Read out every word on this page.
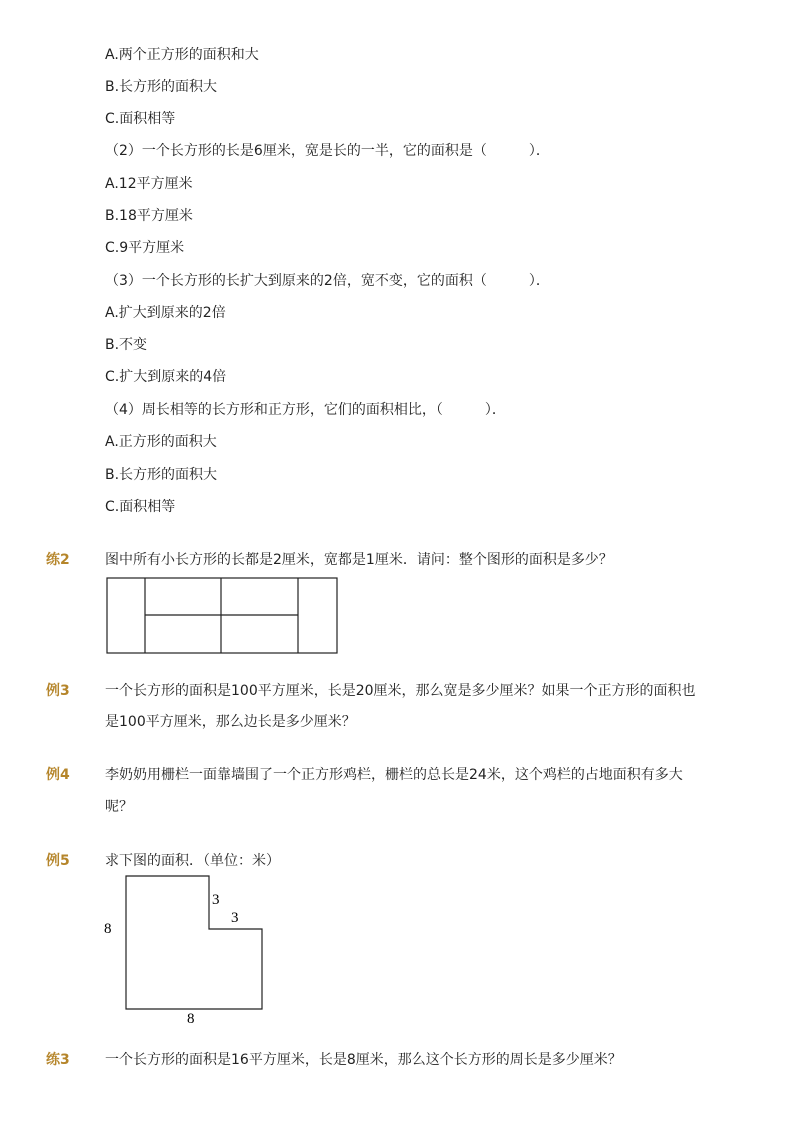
A.两个正方形的面积和大
B.长方形的面积大
C.面积相等
（2）一个长方形的长是6厘米，宽是长的一半，它的面积是（　　　）．
A.12平方厘米
B.18平方厘米
C.9平方厘米
（3）一个长方形的长扩大到原来的2倍，宽不变，它的面积（　　　）．
A.扩大到原来的2倍
B.不变
C.扩大到原来的4倍
（4）周长相等的长方形和正方形，它们的面积相比，（　　　）．
A.正方形的面积大
B.长方形的面积大
C.面积相等
练2	图中所有小长方形的长都是2厘米，宽都是1厘米．请问：整个图形的面积是多少？
例3	一个长方形的面积是100平方厘米，长是20厘米，那么宽是多少厘米？如果一个正方形的面积也
是100平方厘米，那么边长是多少厘米？
例4	李奶奶用栅栏一面靠墙围了一个正方形鸡栏，栅栏的总长是24米，这个鸡栏的占地面积有多大
呢？
例5	求下图的面积．（单位：米）
8
3
3
8
练3	一个长方形的面积是16平方厘米，长是8厘米，那么这个长方形的周长是多少厘米？
